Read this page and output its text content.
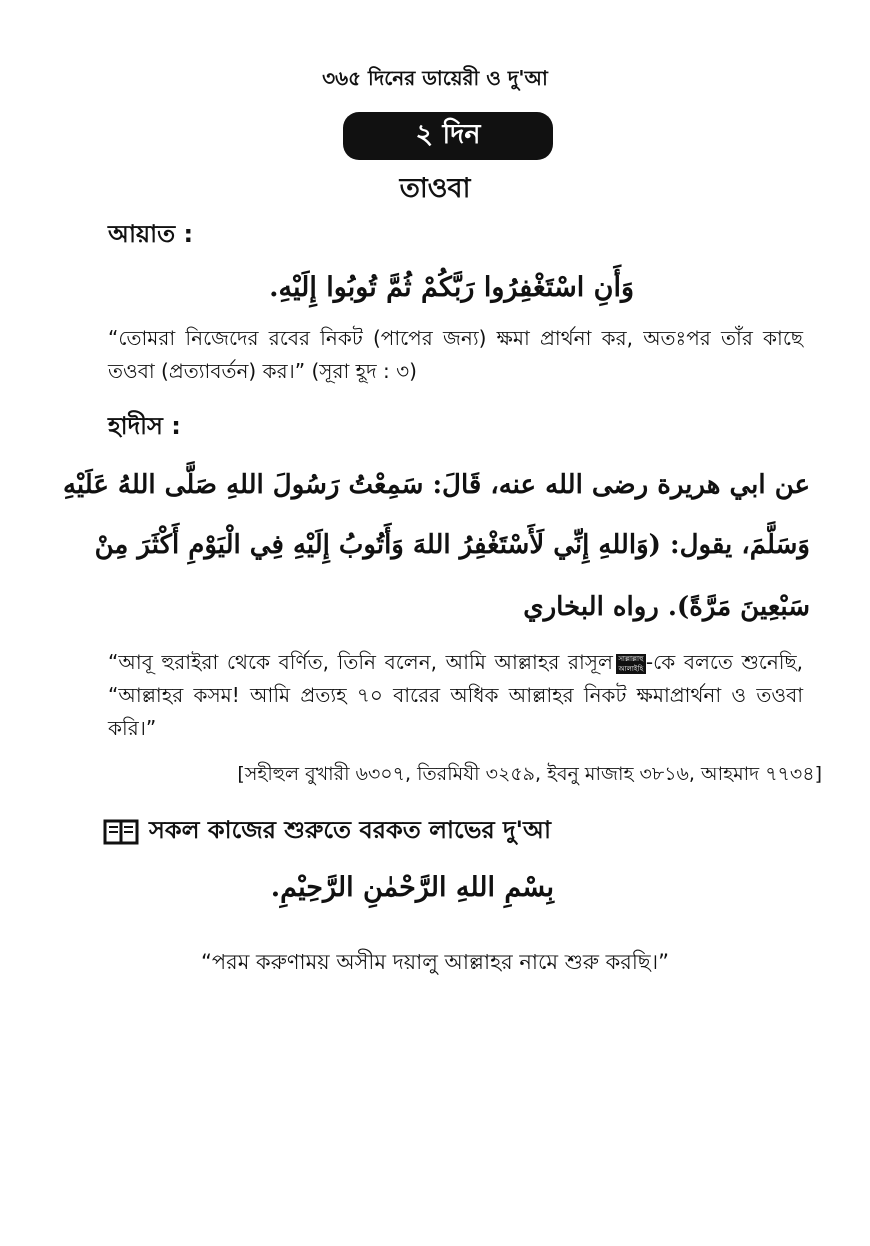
৩৬৫ দিনের ডায়েরী ও দু'আ
২ দিন
তাওবা
আয়াত :
وَأَنِ اسْتَغْفِرُوا رَبَّكُمْ ثُمَّ تُوبُوا إِلَيْهِ.
“তোমরা নিজেদের রবের নিকট (পাপের জন্য) ক্ষমা প্রার্থনা কর, অতঃপর তাঁর কাছে তওবা (প্রত্যাবর্তন) কর।” (সূরা হূদ : ৩)
হাদীস :
عن ابي هريرة رضى الله عنه، قَالَ: سَمِعْتُ رَسُولَ اللهِ صَلَّى اللهُ عَلَيْهِ
وَسَلَّمَ، يقول: (وَاللهِ إِنِّي لَأَسْتَغْفِرُ اللهَ وَأَتُوبُ إِلَيْهِ فِي الْيَوْمِ أَكْثَرَ مِنْ
سَبْعِينَ مَرَّةً). رواه البخاري
“আবূ হুরাইরা থেকে বর্ণিত, তিনি বলেন, আমি আল্লাহর রাসূল সাল্লাল্লাহু আলাইহি ওয়াসাল্লাম-কে বলতে শুনেছি, “আল্লাহর কসম! আমি প্রত্যহ ৭০ বারের অধিক আল্লাহর নিকট ক্ষমাপ্রার্থনা ও তওবা করি।”
[সহীহুল বুখারী ৬৩০৭, তিরমিযী ৩২৫৯, ইবনু মাজাহ ৩৮১৬, আহমাদ ৭৭৩৪]
সকল কাজের শুরুতে বরকত লাভের দু'আ
بِسْمِ اللهِ الرَّحْمٰنِ الرَّحِيْمِ.
“পরম করুণাময় অসীম দয়ালু আল্লাহর নামে শুরু করছি।”
